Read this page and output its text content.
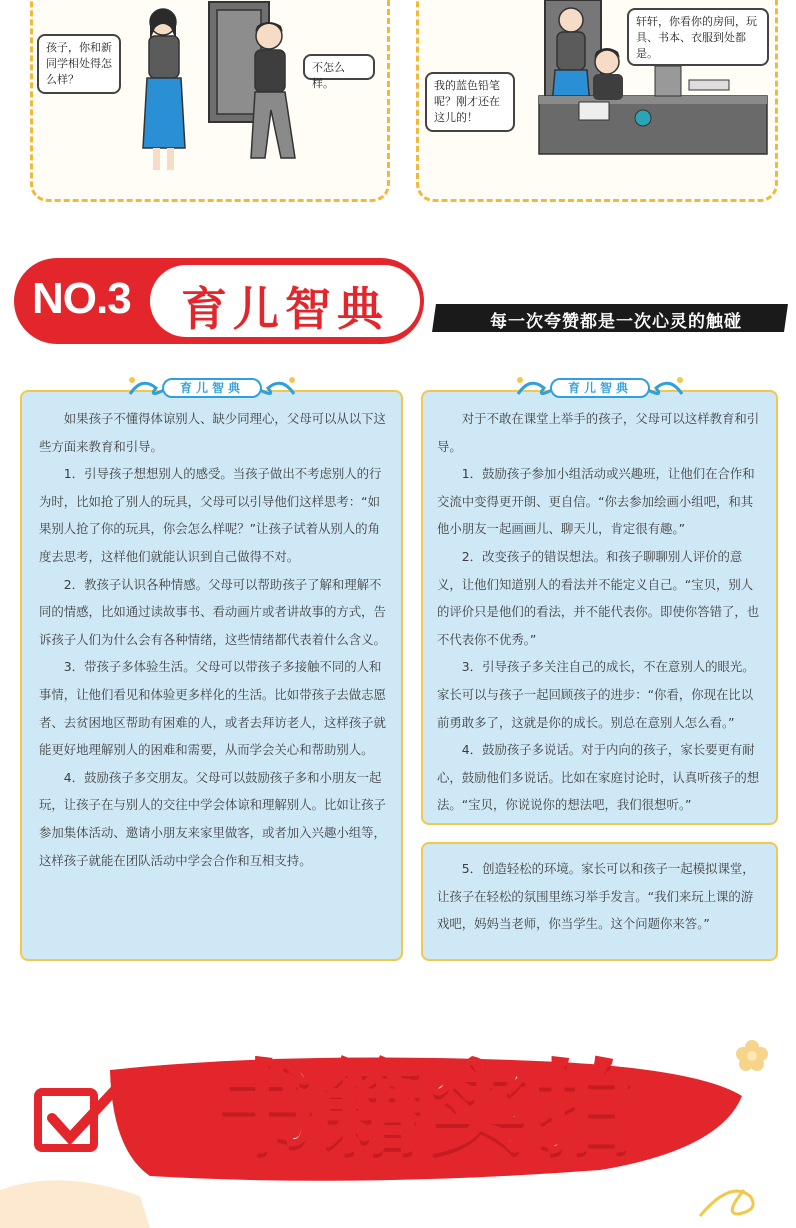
孩子，你和新同学相处得怎么样？
不怎么样。
轩轩，你看你的房间，玩具、书本、衣服到处都是。
我的蓝色铅笔呢？刚才还在这儿的！
NO.3	育儿智典	每一次夸赞都是一次心灵的触碰

如果孩子不懂得体谅别人、缺少同理心，父母可以从以下这些方面来教育和引导。

1．引导孩子想想别人的感受。当孩子做出不考虑别人的行为时，比如抢了别人的玩具，父母可以引导他们这样思考：“如果别人抢了你的玩具，你会怎么样呢？”让孩子试着从别人的角度去思考，这样他们就能认识到自己做得不对。

2．教孩子认识各种情感。父母可以帮助孩子了解和理解不同的情感，比如通过读故事书、看动画片或者讲故事的方式，告诉孩子人们为什么会有各种情绪，这些情绪都代表着什么含义。

3．带孩子多体验生活。父母可以带孩子多接触不同的人和事情，让他们看见和体验更多样化的生活。比如带孩子去做志愿者、去贫困地区帮助有困难的人，或者去拜访老人，这样孩子就能更好地理解别人的困难和需要，从而学会关心和帮助别人。

4．鼓励孩子多交朋友。父母可以鼓励孩子多和小朋友一起玩，让孩子在与别人的交往中学会体谅和理解别人。比如让孩子参加集体活动、邀请小朋友来家里做客，或者加入兴趣小组等，这样孩子就能在团队活动中学会合作和互相支持。

对于不敢在课堂上举手的孩子，父母可以这样教育和引导。

1．鼓励孩子参加小组活动或兴趣班，让他们在合作和交流中变得更开朗、更自信。“你去参加绘画小组吧，和其他小朋友一起画画儿、聊天儿，肯定很有趣。”

2．改变孩子的错误想法。和孩子聊聊别人评价的意义，让他们知道别人的看法并不能定义自己。“宝贝，别人的评价只是他们的看法，并不能代表你。即使你答错了，也不代表你不优秀。”

3．引导孩子多关注自己的成长，不在意别人的眼光。家长可以与孩子一起回顾孩子的进步：“你看，你现在比以前勇敢多了，这就是你的成长。别总在意别人怎么看。”

4．鼓励孩子多说话。对于内向的孩子，家长要更有耐心，鼓励他们多说话。比如在家庭讨论时，认真听孩子的想法。“宝贝，你说说你的想法吧，我们很想听。”

5．创造轻松的环境。家长可以和孩子一起模拟课堂，让孩子在轻松的氛围里练习举手发言。“我们来玩上课的游戏吧，妈妈当老师，你当学生。这个问题你来答。”

育儿智典	育儿智典
书籍实拍
